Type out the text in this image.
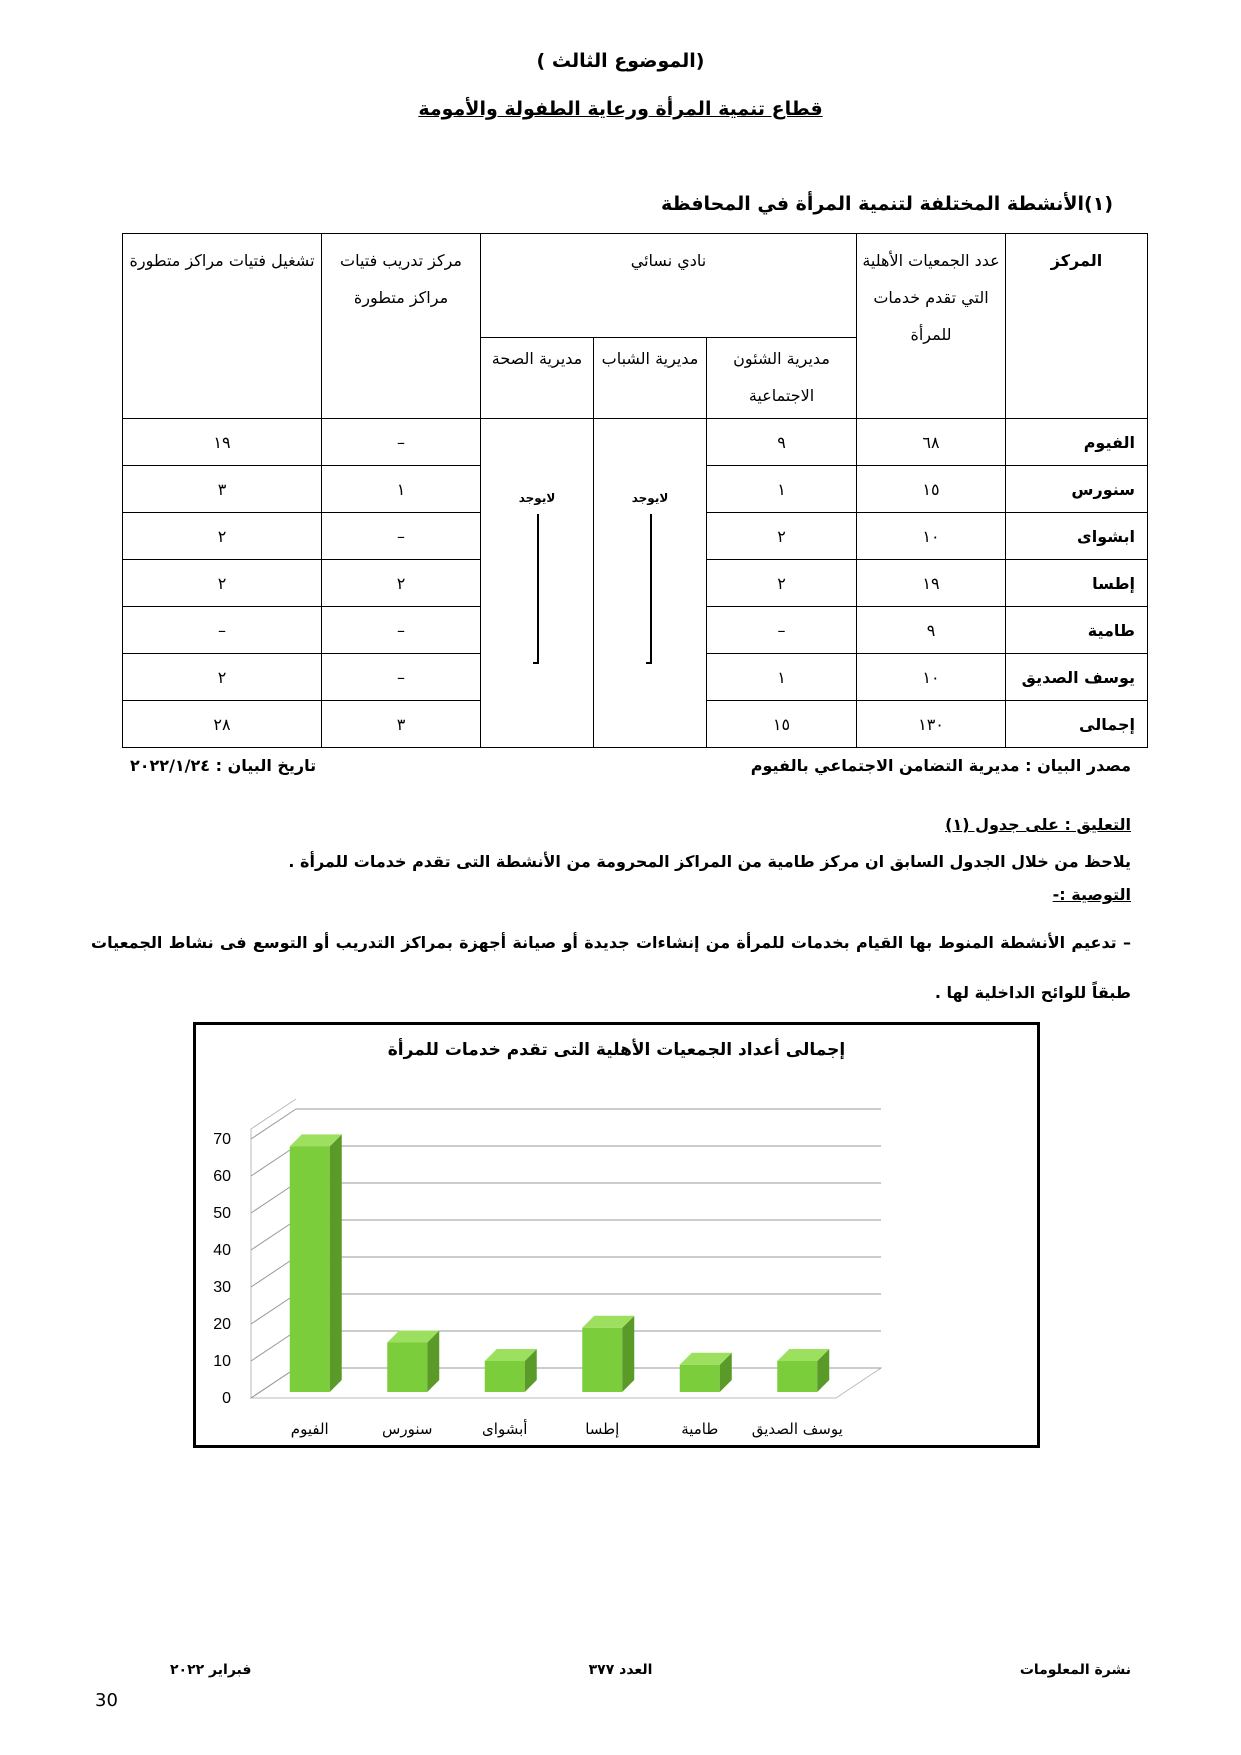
( الموضوع الثالث)
قطاع تنمية المرأة ورعاية الطفولة والأمومة
(١)الأنشطة المختلفة لتنمية المرأة في المحافظة
المركز	عدد الجمعيات الأهلية التي تقدم خدمات للمرأة	نادي نسائي			مركز تدريب فتيات مراكز متطورة	تشغيل فتيات مراكز متطورة
		مديرية الشئون الاجتماعية	مديرية الشباب	مديرية الصحة		
الفيوم	٦٨	٩	لايوجد	لايوجد	–	١٩
سنورس	١٥	١			١	٣
ابشواى	١٠	٢			–	٢
إطسا	١٩	٢			٢	٢
طامية	٩	–			–	–
يوسف الصديق	١٠	١			–	٢
إجمالى	١٣٠	١٥			٣	٢٨
مصدر البيان : مديرية التضامن الاجتماعي بالفيوم
تاريخ البيان : ٢٠٢٢/١/٢٤
التعليق : على جدول (١)
يلاحظ من خلال الجدول السابق ان مركز طامية من المراكز المحرومة من الأنشطة التى تقدم خدمات للمرأة .
التوصية :-
– تدعيم الأنشطة المنوط بها القيام بخدمات للمرأة من إنشاءات جديدة أو صيانة أجهزة بمراكز التدريب أو التوسع فى نشاط الجمعيات طبقاً للوائح الداخلية لها .
إجمالى أعداد الجمعيات الأهلية التى تقدم خدمات للمرأة
0
10
20
30
40
50
60
70
الفيوم	سنورس	أبشواى	إطسا	طامية يوسف الصديق
نشرة المعلومات
العدد ٣٧٧
فبراير ٢٠٢٢
30
